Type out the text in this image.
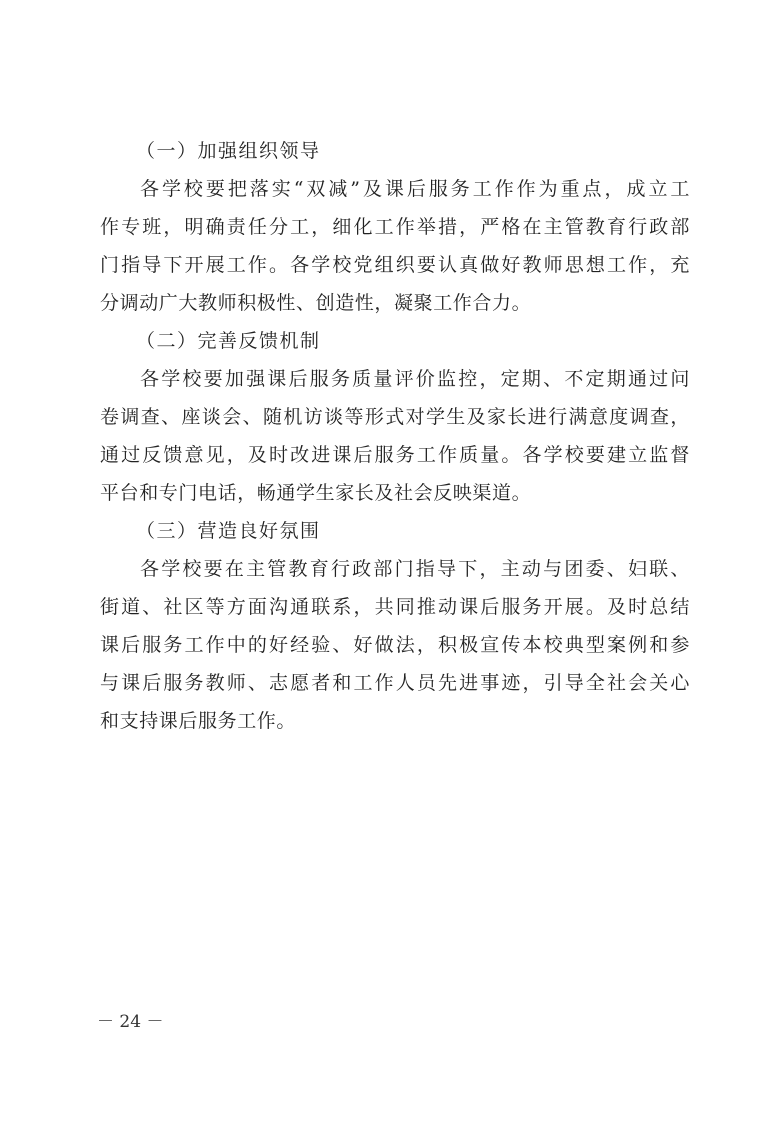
（一）加强组织领导
各学校要把落实“双减”及课后服务工作作为重点，成立工
作专班，明确责任分工，细化工作举措，严格在主管教育行政部
门指导下开展工作。各学校党组织要认真做好教师思想工作，充
分调动广大教师积极性、创造性，凝聚工作合力。
（二）完善反馈机制
各学校要加强课后服务质量评价监控，定期、不定期通过问
卷调查、座谈会、随机访谈等形式对学生及家长进行满意度调查，
通过反馈意见，及时改进课后服务工作质量。各学校要建立监督
平台和专门电话，畅通学生家长及社会反映渠道。
（三）营造良好氛围
各学校要在主管教育行政部门指导下，主动与团委、妇联、
街道、社区等方面沟通联系，共同推动课后服务开展。及时总结
课后服务工作中的好经验、好做法，积极宣传本校典型案例和参
与课后服务教师、志愿者和工作人员先进事迹，引导全社会关心
和支持课后服务工作。
－ 24 －
